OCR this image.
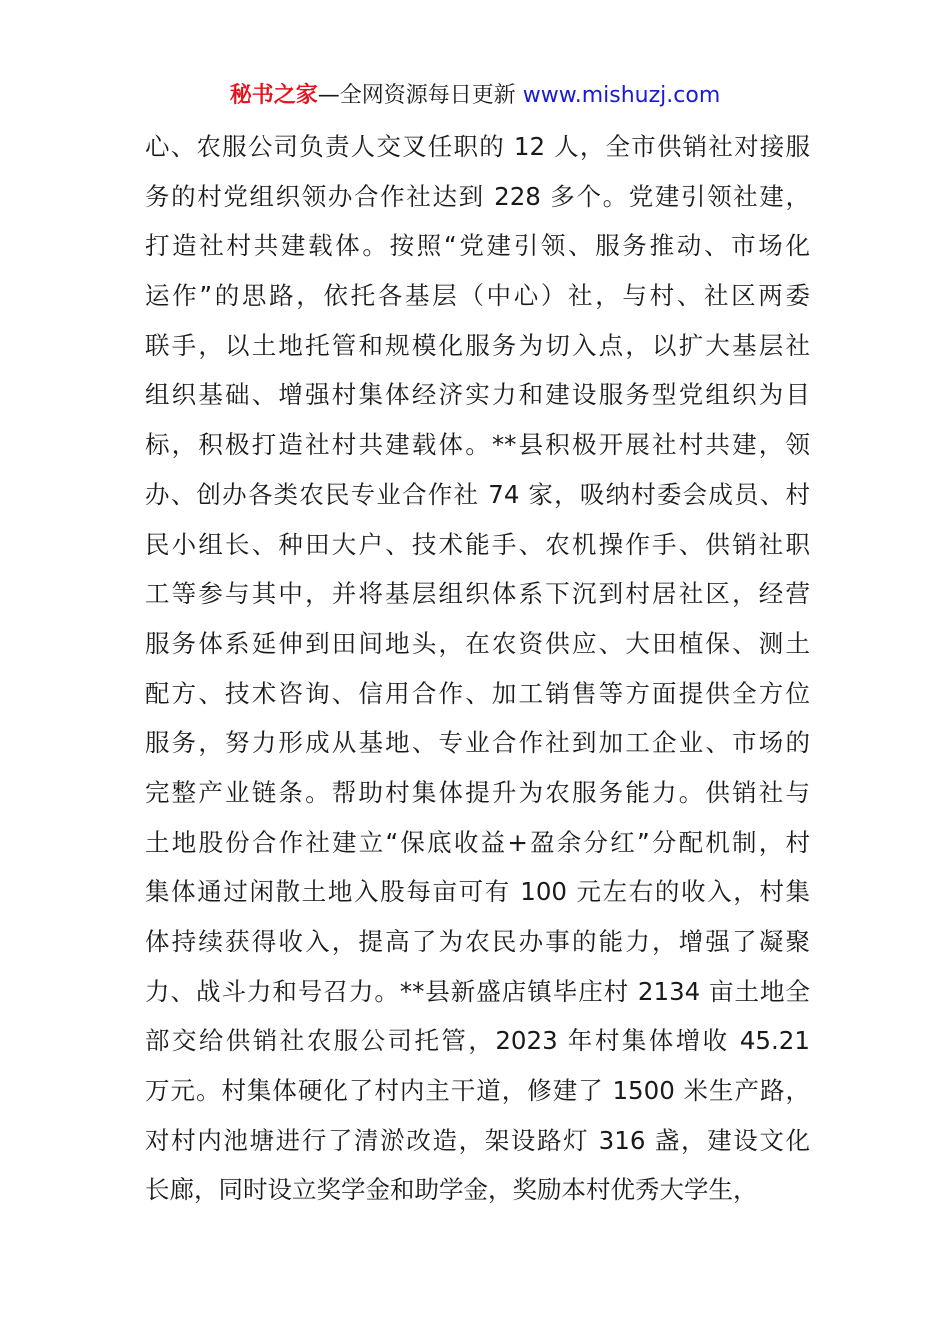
秘书之家—全网资源每日更新 www.mishuzj.com
心、农服公司负责人交叉任职的 12 人，全市供销社对接服
务的村党组织领办合作社达到 228 多个。党建引领社建，
打造社村共建载体。按照“党建引领、服务推动、市场化
运作”的思路，依托各基层（中心）社，与村、社区两委
联手，以土地托管和规模化服务为切入点，以扩大基层社
组织基础、增强村集体经济实力和建设服务型党组织为目
标，积极打造社村共建载体。**县积极开展社村共建，领
办、创办各类农民专业合作社 74 家，吸纳村委会成员、村
民小组长、种田大户、技术能手、农机操作手、供销社职
工等参与其中，并将基层组织体系下沉到村居社区，经营
服务体系延伸到田间地头，在农资供应、大田植保、测土
配方、技术咨询、信用合作、加工销售等方面提供全方位
服务，努力形成从基地、专业合作社到加工企业、市场的
完整产业链条。帮助村集体提升为农服务能力。供销社与
土地股份合作社建立“保底收益+盈余分红”分配机制，村
集体通过闲散土地入股每亩可有 100 元左右的收入，村集
体持续获得收入，提高了为农民办事的能力，增强了凝聚
力、战斗力和号召力。**县新盛店镇毕庄村 2134 亩土地全
部交给供销社农服公司托管，2023 年村集体增收 45.21
万元。村集体硬化了村内主干道，修建了 1500 米生产路，
对村内池塘进行了清淤改造，架设路灯 316 盏，建设文化
长廊，同时设立奖学金和助学金，奖励本村优秀大学生，
